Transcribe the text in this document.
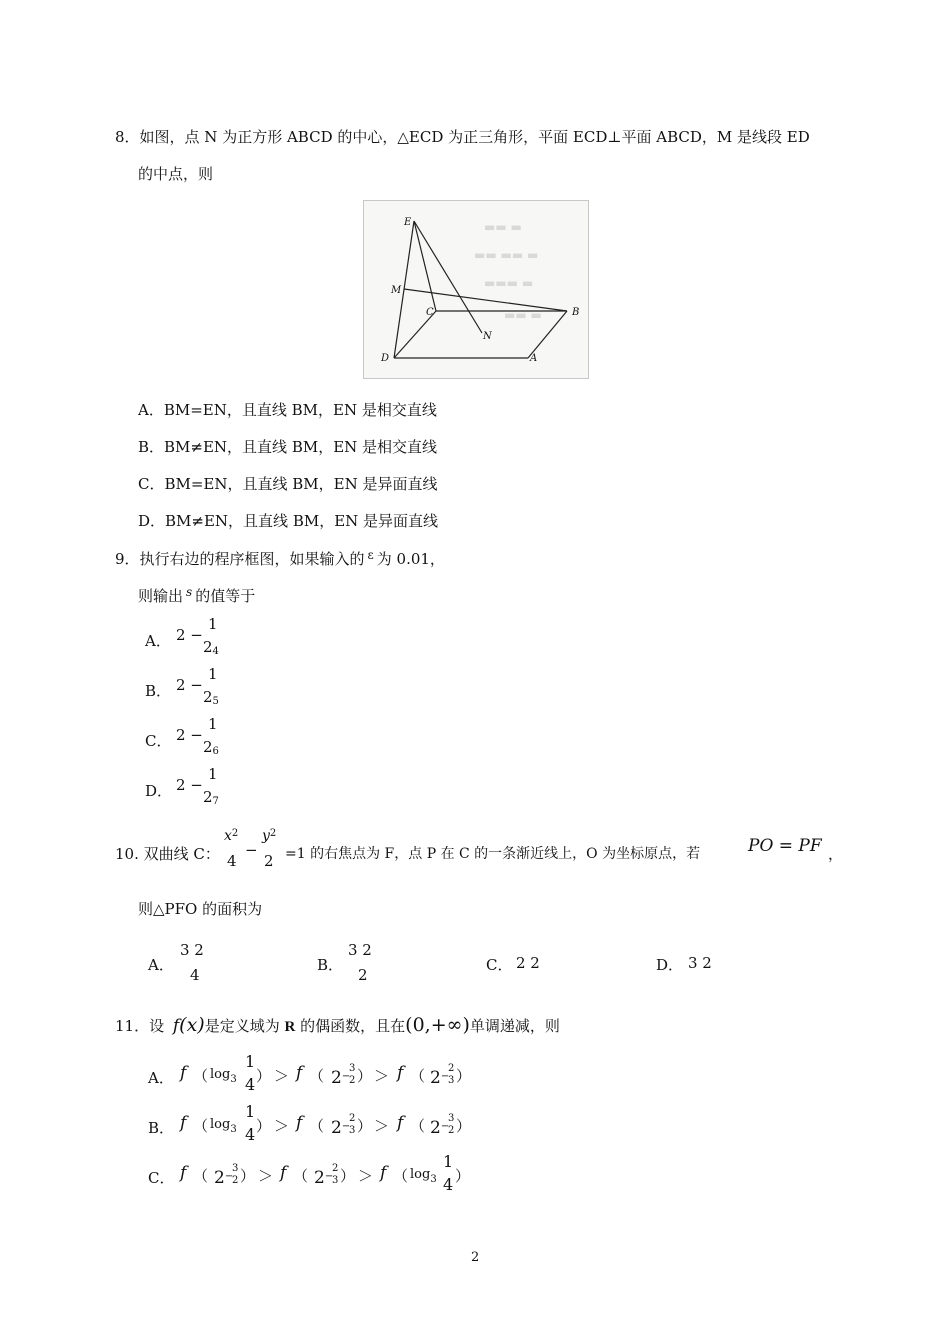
8．如图，点 N 为正方形 ABCD 的中心，△ECD 为正三角形，平面 ECD⊥平面 ABCD，M 是线段 ED
的中点，则
▬▬ ▬
▬▬ ▬▬ ▬
▬▬▬ ▬
▬▬ ▬
E
M
C
N
B
D	A
A．BM=EN，且直线 BM，EN 是相交直线
B．BM≠EN，且直线 BM，EN 是相交直线
C．BM=EN，且直线 BM，EN 是异面直线
D．BM≠EN，且直线 BM，EN 是异面直线
9．执行右边的程序框图，如果输入的 $^\varepsilon$ 为 0.01，
则输出 $^s$ 的值等于
A． 2 −
1
24
B． 2 −
1
25
C． 2 −
1
26
D． 2 −
1
27
10. 双曲线 C：
$x^2$
4
−
$y^2$
2 =1 的右焦点为 F，点 P 在 C 的一条渐近线上，O 为坐标原点，若	PO = PF ，
则△PFO 的面积为
A．
3 2
4
B．
3 2
2
C． 2 2	D． 3 2
11．设 f(x)是定义域为 R 的偶函数，且在(0,+∞)单调递减，则
A． f （ $\log_3$
1
4 ） ＞ f （ 2−
3
2 ） ＞ f （ 2−
2
3 ）
B． f （ $\log_3$
1
4 ） ＞ f （ 2−
2
3 ） ＞ f （ 2−
3
2 ）
C． f （ 2−
3
2 ） ＞ f （ 2−
2
3 ） ＞ f （ $\log_3$
1
4 ）
2
